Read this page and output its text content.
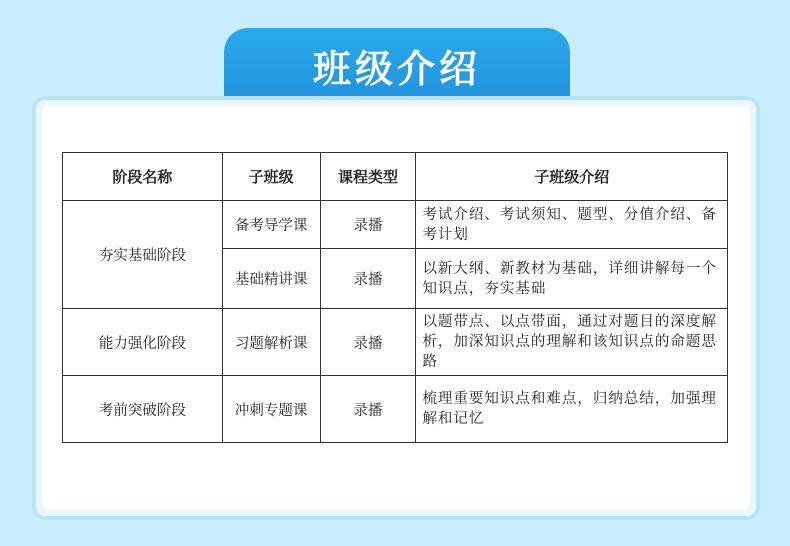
班级介绍
阶段名称	子班级	课程类型	子班级介绍
夯实基础阶段	备考导学课	录播	考试介绍、考试须知、题型、分值介绍、备考计划
	基础精讲课	录播	以新大纲、新教材为基础，详细讲解每一个知识点，夯实基础
能力强化阶段	习题解析课	录播	以题带点、以点带面，通过对题目的深度解析，加深知识点的理解和该知识点的命题思路
考前突破阶段	冲刺专题课	录播	梳理重要知识点和难点，归纳总结，加强理解和记忆
